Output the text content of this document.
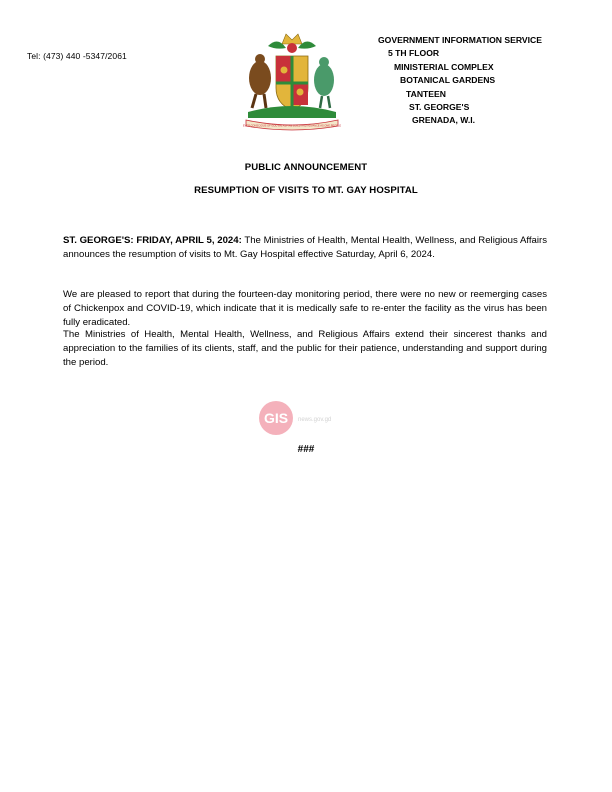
Tel: (473) 440 -5347/2061
EVER CONSCIOUS OF GOD WE ASPIRE BUILD AND ADVANCE AS ONE PEOPLE
GOVERNMENT INFORMATION SERVICE
5 TH FLOOR
MINISTERIAL COMPLEX
BOTANICAL GARDENS
TANTEEN
ST. GEORGE'S
GRENADA, W.I.
PUBLIC ANNOUNCEMENT
RESUMPTION OF VISITS TO MT. GAY HOSPITAL
ST. GEORGE'S: FRIDAY, APRIL 5, 2024: The Ministries of Health, Mental Health, Wellness, and Religious Affairs announces the resumption of visits to Mt. Gay Hospital effective Saturday, April 6, 2024.
We are pleased to report that during the fourteen-day monitoring period, there were no new or reemerging cases of Chickenpox and COVID-19, which indicate that it is medically safe to re-enter the facility as the virus has been fully eradicated.
The Ministries of Health, Mental Health, Wellness, and Religious Affairs extend their sincerest thanks and appreciation to the families of its clients, staff, and the public for their patience, understanding and support during the period.
GIS news.gov.gd
###
